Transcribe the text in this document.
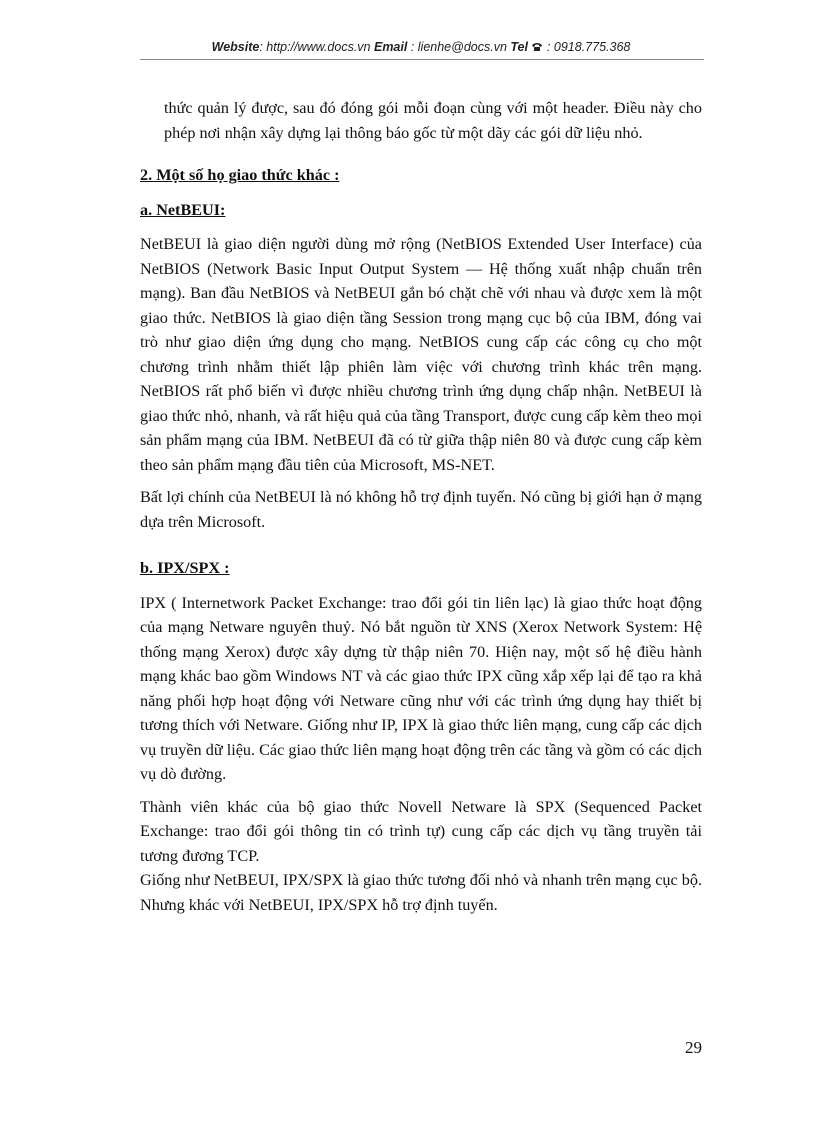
Website: http://www.docs.vn Email : lienhe@docs.vn Tel  : 0918.775.368

thức quản lý được, sau đó đóng gói mỗi đoạn cùng với một header. Điều này cho phép nơi nhận xây dựng lại thông báo gốc từ một dãy các gói dữ liệu nhỏ.

2. Một số họ giao thức khác :

a. NetBEUI:

NetBEUI là giao diện người dùng mở rộng (NetBIOS Extended User Interface) của NetBIOS (Network Basic Input Output System — Hệ thống xuất nhập chuẩn trên mạng). Ban đầu NetBIOS và NetBEUI gắn bó chặt chẽ với nhau và được xem là một giao thức. NetBIOS là giao diện tầng Session trong mạng cục bộ của IBM, đóng vai trò như giao diện ứng dụng cho mạng. NetBIOS cung cấp các công cụ cho một chương trình nhằm thiết lập phiên làm việc với chương trình khác trên mạng. NetBIOS rất phổ biến vì được nhiều chương trình ứng dụng chấp nhận. NetBEUI là giao thức nhỏ, nhanh, và rất hiệu quả của tầng Transport, được cung cấp kèm theo mọi sản phẩm mạng của IBM. NetBEUI đã có từ giữa thập niên 80 và được cung cấp kèm theo sản phẩm mạng đầu tiên của Microsoft, MS-NET.

Bất lợi chính của NetBEUI là nó không hỗ trợ định tuyến. Nó cũng bị giới hạn ở mạng dựa trên Microsoft.

b. IPX/SPX :

IPX ( Internetwork Packet Exchange: trao đổi gói tin liên lạc) là giao thức hoạt động của mạng Netware nguyên thuỷ. Nó bắt nguồn từ XNS (Xerox Network System: Hệ thống mạng Xerox) được xây dựng từ thập niên 70. Hiện nay, một số hệ điều hành mạng khác bao gồm Windows NT và các giao thức IPX cũng xắp xếp lại để tạo ra khả năng phối hợp hoạt động với Netware cũng như với các trình ứng dụng hay thiết bị tương thích với Netware. Giống như IP, IPX là giao thức liên mạng, cung cấp các dịch vụ truyền dữ liệu. Các giao thức liên mạng hoạt động trên các tầng và gồm có các dịch vụ dò đường.

Thành viên khác của bộ giao thức Novell Netware là SPX (Sequenced Packet Exchange: trao đổi gói thông tin có trình tự) cung cấp các dịch vụ tầng truyền tải tương đương TCP.

Giống như NetBEUI, IPX/SPX là giao thức tương đối nhỏ và nhanh trên mạng cục bộ. Nhưng khác với NetBEUI, IPX/SPX hỗ trợ định tuyến.

29
